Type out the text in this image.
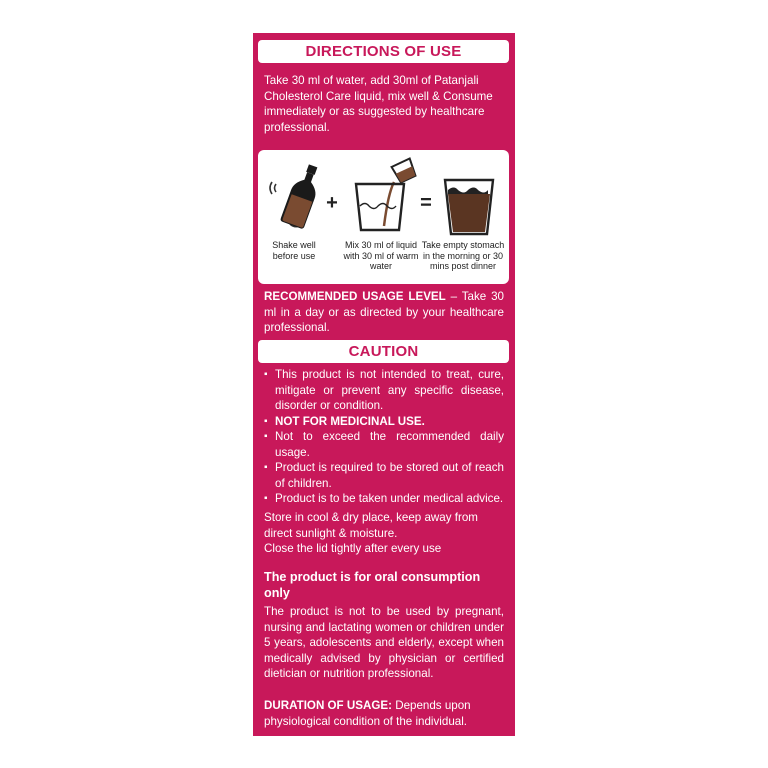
DIRECTIONS OF USE
Take 30 ml of water, add 30ml of Patanjali Cholesterol Care liquid, mix well & Consume immediately or as suggested by healthcare professional.
Shake well before use
+
Mix 30 ml of liquid with 30 ml of warm water
=
Take empty stomach in the morning or 30 mins post dinner
RECOMMENDED USAGE LEVEL – Take 30 ml in a day or as directed by your healthcare professional.
CAUTION
▪ This product is not intended to treat, cure, mitigate or prevent any specific disease, disorder or condition.
▪ NOT FOR MEDICINAL USE.
▪ Not to exceed the recommended daily usage.
▪ Product is required to be stored out of reach of children.
▪ Product is to be taken under medical advice.
Store in cool & dry place, keep away from direct sunlight & moisture.
Close the lid tightly after every use
The product is for oral consumption only
The product is not to be used by pregnant, nursing and lactating women or children under 5 years, adolescents and elderly, except when medically advised by physician or certified dietician or nutrition professional.
DURATION OF USAGE: Depends upon physiological condition of the individual.
